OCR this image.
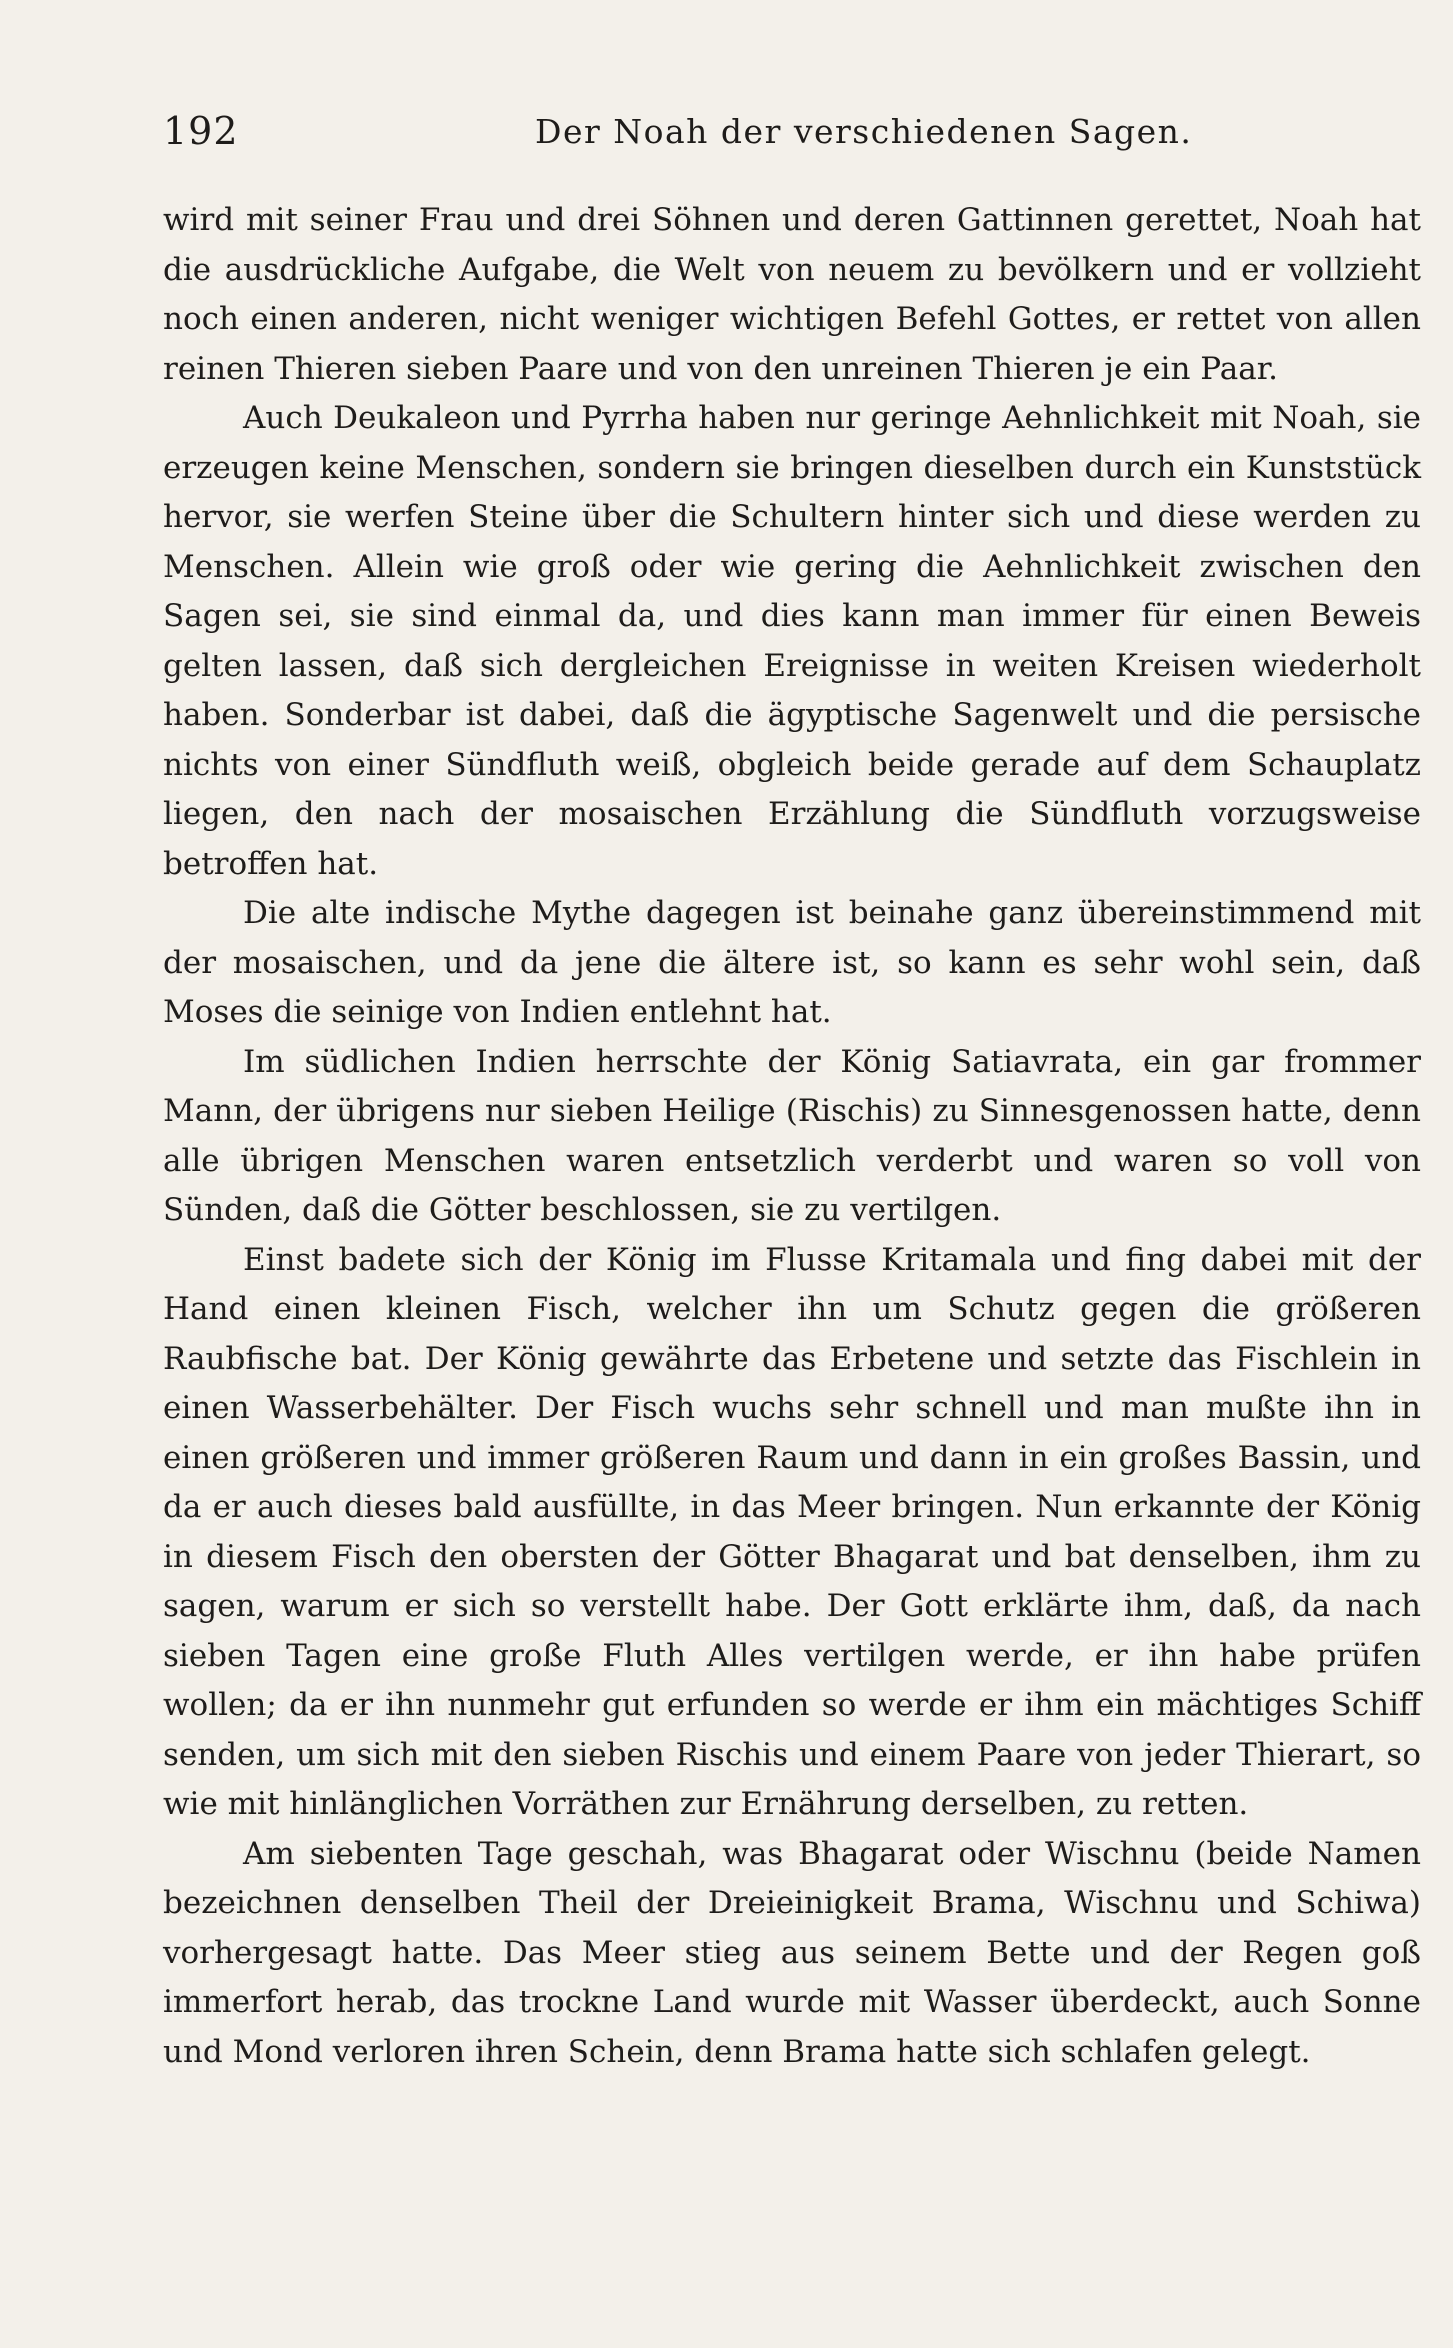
192	Der Noah der verschiedenen Sagen.

wird mit seiner Frau und drei Söhnen und deren Gattinnen gerettet, Noah hat die ausdrückliche Aufgabe, die Welt von neuem zu bevölkern und er vollzieht noch einen anderen, nicht weniger wichtigen Befehl Gottes, er rettet von allen reinen Thieren sieben Paare und von den unreinen Thieren je ein Paar.

Auch Deukaleon und Pyrrha haben nur geringe Aehnlichkeit mit Noah, sie erzeugen keine Menschen, sondern sie bringen dieselben durch ein Kunststück hervor, sie werfen Steine über die Schultern hinter sich und diese werden zu Menschen. Allein wie groß oder wie gering die Aehnlichkeit zwischen den Sagen sei, sie sind einmal da, und dies kann man immer für einen Beweis gelten lassen, daß sich dergleichen Ereignisse in weiten Kreisen wiederholt haben. Sonderbar ist dabei, daß die ägyptische Sagenwelt und die persische nichts von einer Sündfluth weiß, obgleich beide gerade auf dem Schauplatz liegen, den nach der mosaischen Erzählung die Sündfluth vorzugsweise betroffen hat.

Die alte indische Mythe dagegen ist beinahe ganz übereinstimmend mit der mosaischen, und da jene die ältere ist, so kann es sehr wohl sein, daß Moses die seinige von Indien entlehnt hat.

Im südlichen Indien herrschte der König Satiavrata, ein gar frommer Mann, der übrigens nur sieben Heilige (Rischis) zu Sinnesgenossen hatte, denn alle übrigen Menschen waren entsetzlich verderbt und waren so voll von Sünden, daß die Götter beschlossen, sie zu vertilgen.

Einst badete sich der König im Flusse Kritamala und fing dabei mit der Hand einen kleinen Fisch, welcher ihn um Schutz gegen die größeren Raubfische bat. Der König gewährte das Erbetene und setzte das Fischlein in einen Wasserbehälter. Der Fisch wuchs sehr schnell und man mußte ihn in einen größeren und immer größeren Raum und dann in ein großes Bassin, und da er auch dieses bald ausfüllte, in das Meer bringen. Nun erkannte der König in diesem Fisch den obersten der Götter Bhagarat und bat denselben, ihm zu sagen, warum er sich so verstellt habe. Der Gott erklärte ihm, daß, da nach sieben Tagen eine große Fluth Alles vertilgen werde, er ihn habe prüfen wollen; da er ihn nunmehr gut erfunden so werde er ihm ein mächtiges Schiff senden, um sich mit den sieben Rischis und einem Paare von jeder Thierart, so wie mit hinlänglichen Vorräthen zur Ernährung derselben, zu retten.

Am siebenten Tage geschah, was Bhagarat oder Wischnu (beide Namen bezeichnen denselben Theil der Dreieinigkeit Brama, Wischnu und Schiwa) vorhergesagt hatte. Das Meer stieg aus seinem Bette und der Regen goß immerfort herab, das trockne Land wurde mit Wasser überdeckt, auch Sonne und Mond verloren ihren Schein, denn Brama hatte sich schlafen gelegt.
